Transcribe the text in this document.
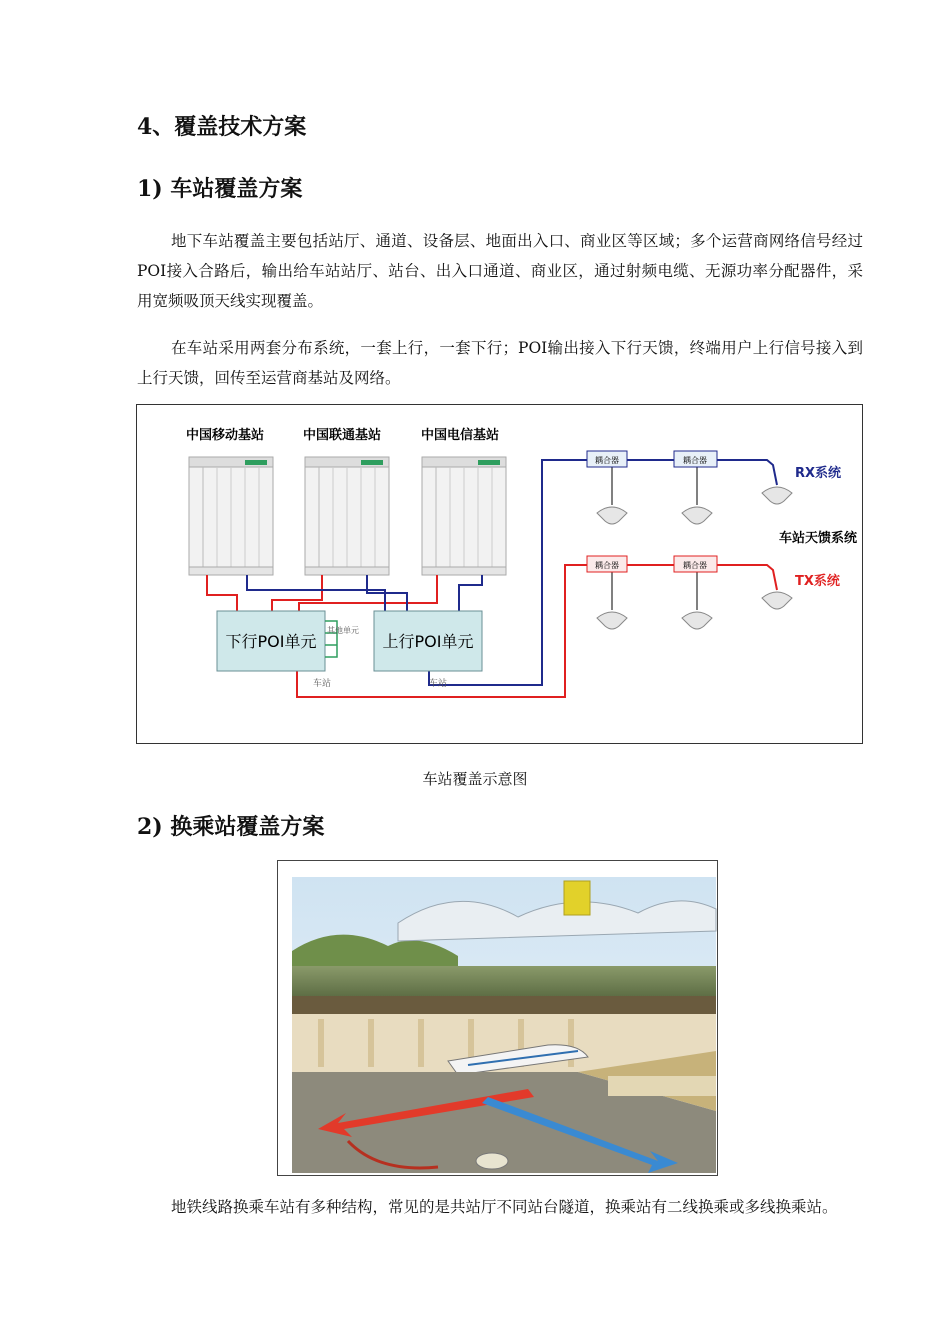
4、覆盖技术方案
1) 车站覆盖方案

地下车站覆盖主要包括站厅、通道、设备层、地面出入口、商业区等区域；多个运营商网络信号经过POI接入合路后，输出给车站站厅、站台、出入口通道、商业区，通过射频电缆、无源功率分配器件，采用宽频吸顶天线实现覆盖。

在车站采用两套分布系统，一套上行，一套下行；POI输出接入下行天馈，终端用户上行信号接入到上行天馈，回传至运营商基站及网络。

中国移动基站	中国联通基站	中国电信基站
下行POI单元	上行POI单元
其他单元
车站	车站
耦合器	耦合器
RX系统
车站天馈系统
耦合器	耦合器
TX系统
车站覆盖示意图
2) 换乘站覆盖方案

地铁线路换乘车站有多种结构，常见的是共站厅不同站台隧道，换乘站有二线换乘或多线换乘站。
